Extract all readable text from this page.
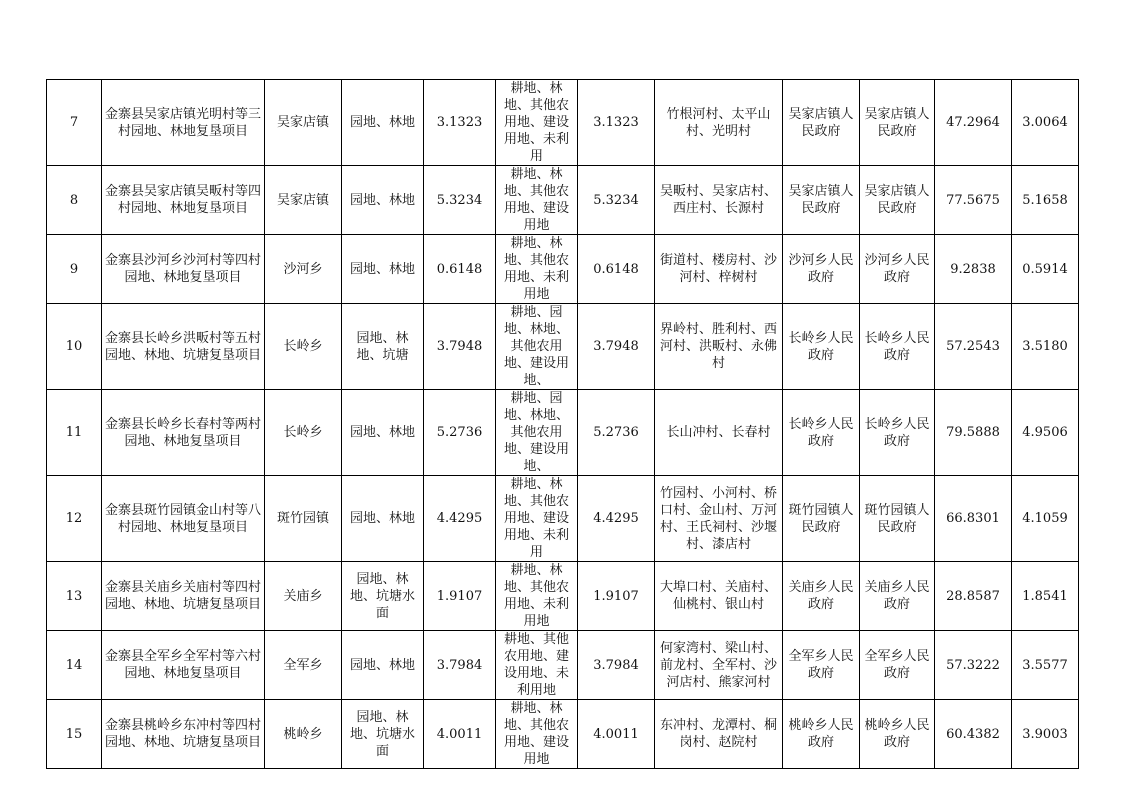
7	金寨县吴家店镇光明村等三村园地、林地复垦项目	吴家店镇	园地、林地	3.1323	耕地、林地、其他农用地、建设用地、未利用	3.1323	竹根河村、太平山村、光明村	吴家店镇人民政府	吴家店镇人民政府	47.2964	3.0064
8	金寨县吴家店镇吴畈村等四村园地、林地复垦项目	吴家店镇	园地、林地	5.3234	耕地、林地、其他农用地、建设用地	5.3234	吴畈村、吴家店村、西庄村、长源村	吴家店镇人民政府	吴家店镇人民政府	77.5675	5.1658
9	金寨县沙河乡沙河村等四村园地、林地复垦项目	沙河乡	园地、林地	0.6148	耕地、林地、其他农用地、未利用地	0.6148	街道村、楼房村、沙河村、梓树村	沙河乡人民政府	沙河乡人民政府	9.2838	0.5914
10	金寨县长岭乡洪畈村等五村园地、林地、坑塘复垦项目	长岭乡	园地、林地、坑塘	3.7948	耕地、园地、林地、其他农用地、建设用地、	3.7948	界岭村、胜利村、西河村、洪畈村、永佛村	长岭乡人民政府	长岭乡人民政府	57.2543	3.5180
11	金寨县长岭乡长春村等两村园地、林地复垦项目	长岭乡	园地、林地	5.2736	耕地、园地、林地、其他农用地、建设用地、	5.2736	长山冲村、长春村	长岭乡人民政府	长岭乡人民政府	79.5888	4.9506
12	金寨县斑竹园镇金山村等八村园地、林地复垦项目	斑竹园镇	园地、林地	4.4295	耕地、林地、其他农用地、建设用地、未利用	4.4295	竹园村、小河村、桥口村、金山村、万河村、王氏祠村、沙堰村、漆店村	斑竹园镇人民政府	斑竹园镇人民政府	66.8301	4.1059
13	金寨县关庙乡关庙村等四村园地、林地、坑塘复垦项目	关庙乡	园地、林地、坑塘水面	1.9107	耕地、林地、其他农用地、未利用地	1.9107	大埠口村、关庙村、仙桃村、银山村	关庙乡人民政府	关庙乡人民政府	28.8587	1.8541
14	金寨县全军乡全军村等六村园地、林地复垦项目	全军乡	园地、林地	3.7984	耕地、其他农用地、建设用地、未利用地	3.7984	何家湾村、梁山村、前龙村、全军村、沙河店村、熊家河村	全军乡人民政府	全军乡人民政府	57.3222	3.5577
15	金寨县桃岭乡东冲村等四村园地、林地、坑塘复垦项目	桃岭乡	园地、林地、坑塘水面	4.0011	耕地、林地、其他农用地、建设用地	4.0011	东冲村、龙潭村、桐岗村、赵院村	桃岭乡人民政府	桃岭乡人民政府	60.4382	3.9003
